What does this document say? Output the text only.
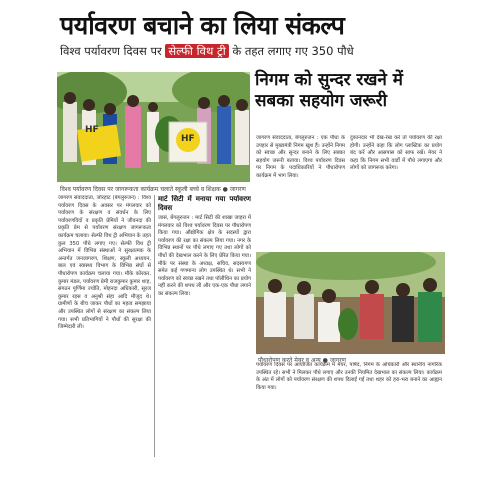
पर्यावरण बचाने का लिया संकल्प
विश्व पर्यावरण दिवस पर सेल्फी विथ ट्री के तहत लगाए गए 350 पौधे
निगम को सुन्दर रखने में सबका सहयोग जरूरी
HF
HF
विश्व पर्यावरण दिवस पर जागरूकता कार्यक्रम चलाते स्कूली बच्चे व शिक्षक ● जागरण

जागरण संवाददाता, जोरहाट (बेंगलुरुजन) : विश्व पर्यावरण दिवस के अवसर पर मंगलवार को पर्यावरण के संरक्षण व संवर्धन के लिए पर्यावरणविदों व प्रकृति प्रेमियों ने जीवनदा की प्रकृति प्रेम से पर्यावरण संरक्षण जागरूकता कार्यक्रम चलाया। सेल्फी विथ ट्री अभियान के तहत कुल 350 पौधे लगाए गए। सेल्फी विथ ट्री अभियान में विभिन्न संस्थाओं ने सुरक्षात्मक के अन्तर्गत जनजागरण, शिक्षण, स्कूली अध्ययन, बाल एवं स्वास्थ्य विभाग के विभिन्न संघों से पौधारोपण कार्यक्रम चलाया गया। मौके कोरकर, कुमार मंडल, पर्यावरण प्रेमी राजकुमार कुमार शाह, संगठन पूर्णिमा ज्योति, मोहनदा अधिकारी, सूरज कुमार रहस व अनुश्री संहा आदि मौजूद थे। ग्रामीणों के बीच जाकर पौधों का महत्व समझाया और उपस्थित लोगों से संरक्षण का संकल्प लिया गया। सभी प्रतिभागियों ने पौधों की सुरक्षा की जिम्मेदारी ली।

मार्ट सिटी में मनाया गया पर्यावरण दिवस

जासं, बेंगलुरुजन : मार्ट सिटी की शाखा जाहरा में मंगलवार को विश्व पर्यावरण दिवस पर पौधारोपण किया गया। औद्योगिक क्षेत्र के सदस्यों द्वारा पर्यावरण की रक्षा का संकल्प लिया गया। नगर के विभिन्न स्थानों पर पौधे लगाए गए तथा लोगों को पौधों की देखभाल करने के लिए प्रेरित किया गया। मौके पर संस्था के अध्यक्ष, सचिव, सदस्यगण समेत कई गणमान्य लोग उपस्थित थे। सभी ने पर्यावरण को स्वच्छ रखने तथा पॉलीथिन का प्रयोग नहीं करने की शपथ ली और एक-एक पौधा लगाने का संकल्प लिया।

जागरण संवाददाता, बेंगलुरुजन : एक पौधा के उपहार से मुख्यमंत्री निगम खुश हैं। उन्होंने निगम को स्वच्छ और सुन्दर बनाने के लिए सबका सहयोग जरूरी बताया। विश्व पर्यावरण दिवस पर निगम के पदाधिकारियों ने पौधारोपण कार्यक्रम में भाग लिया।

दुकानदार भी देख-रेख करें तो पर्यावरण की रक्षा होगी। उन्होंने कहा कि लोग प्लास्टिक का प्रयोग बंद करें और आसपास को साफ रखें। मेयर ने कहा कि निगम सभी वार्डों में पौधे लगाएगा और लोगों को जागरूक करेगा।

पौधारोपण करते मेयर व अन्य ● जागरण

पर्यावरण दिवस पर आयोजित कार्यक्रम में मेयर, पार्षद, निगम के अधिकारी और स्थानीय नागरिक उपस्थित रहे। सभी ने मिलकर पौधे लगाए और उनकी नियमित देखभाल का संकल्प लिया। कार्यक्रम के अंत में लोगों को पर्यावरण संरक्षण की शपथ दिलाई गई तथा शहर को हरा-भरा बनाने का आह्वान किया गया।
